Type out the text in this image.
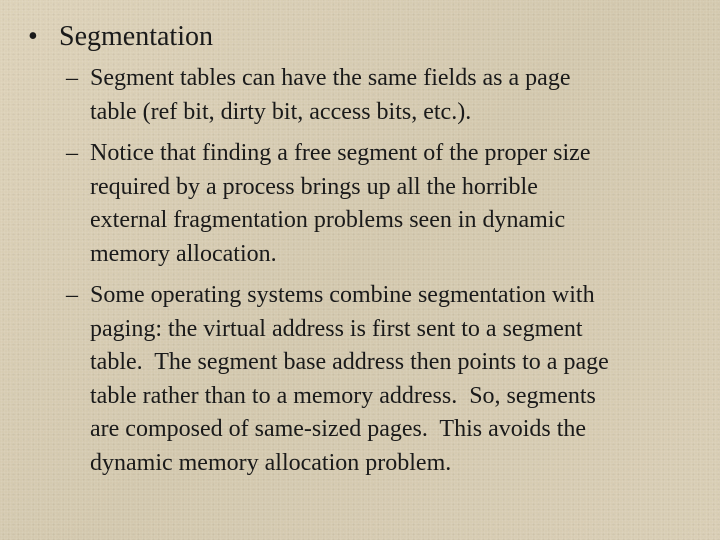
• Segmentation
– Segment tables can have the same fields as a page
table (ref bit, dirty bit, access bits, etc.).
– Notice that finding a free segment of the proper size
required by a process brings up all the horrible
external fragmentation problems seen in dynamic
memory allocation.
– Some operating systems combine segmentation with
paging: the virtual address is first sent to a segment
table.  The segment base address then points to a page
table rather than to a memory address.  So, segments
are composed of same-sized pages.  This avoids the
dynamic memory allocation problem.
